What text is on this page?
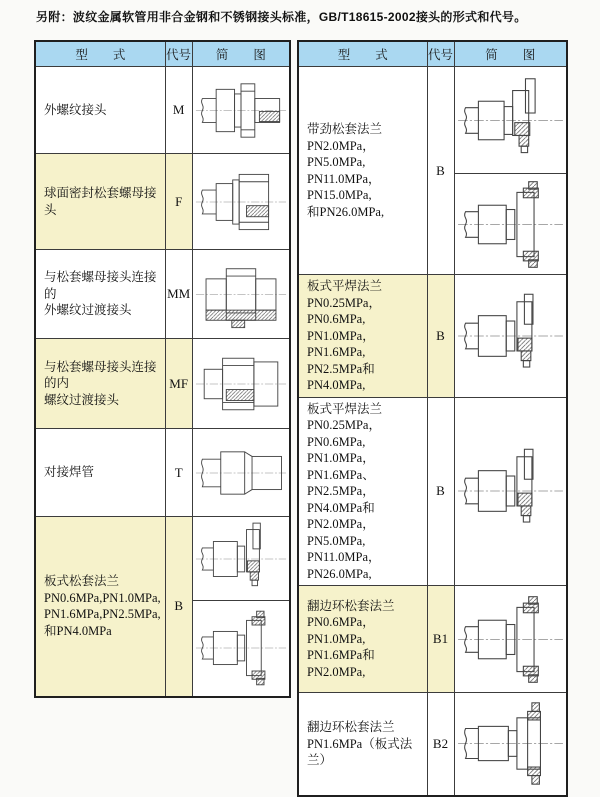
另附：波纹金属软管用非合金钢和不锈钢接头标准，GB/T18615-2002接头的形式和代号。
型　　式	代号	简　　图

外螺纹接头	M	

球面密封松套螺母接头	F	

与松套螺母接头连接的
外螺纹过渡接头	MM	

与松套螺母接头连接的内
螺纹过渡接头	MF	

对接焊管	T	

板式松套法兰
PN0.6MPa,PN1.0MPa,
PN1.6MPa,PN2.5MPa,
和PN4.0MPa	B	

型　　式	代号	简　　图

带劲松套法兰
PN2.0MPa，PN5.0MPa,
PN11.0MPa，PN15.0MPa,
和PN26.0MPa,	B	

板式平焊法兰
PN0.25MPa，PN0.6MPa,
PN1.0MPa，PN1.6MPa,
PN2.5MPa和PN4.0MPa,	B	

板式平焊法兰
PN0.25MPa，PN0.6MPa,
PN1.0MPa，PN1.6MPa、
PN2.5MPa，PN4.0MPa和
PN2.0MPa，PN5.0MPa,
PN11.0MPa，PN26.0MPa,
	B	

翻边环松套法兰
PN0.6MPa，PN1.0MPa,
PN1.6MPa和PN2.0MPa,	B1	

翻边环松套法兰
PN1.6MPa（板式法兰）	B2	
